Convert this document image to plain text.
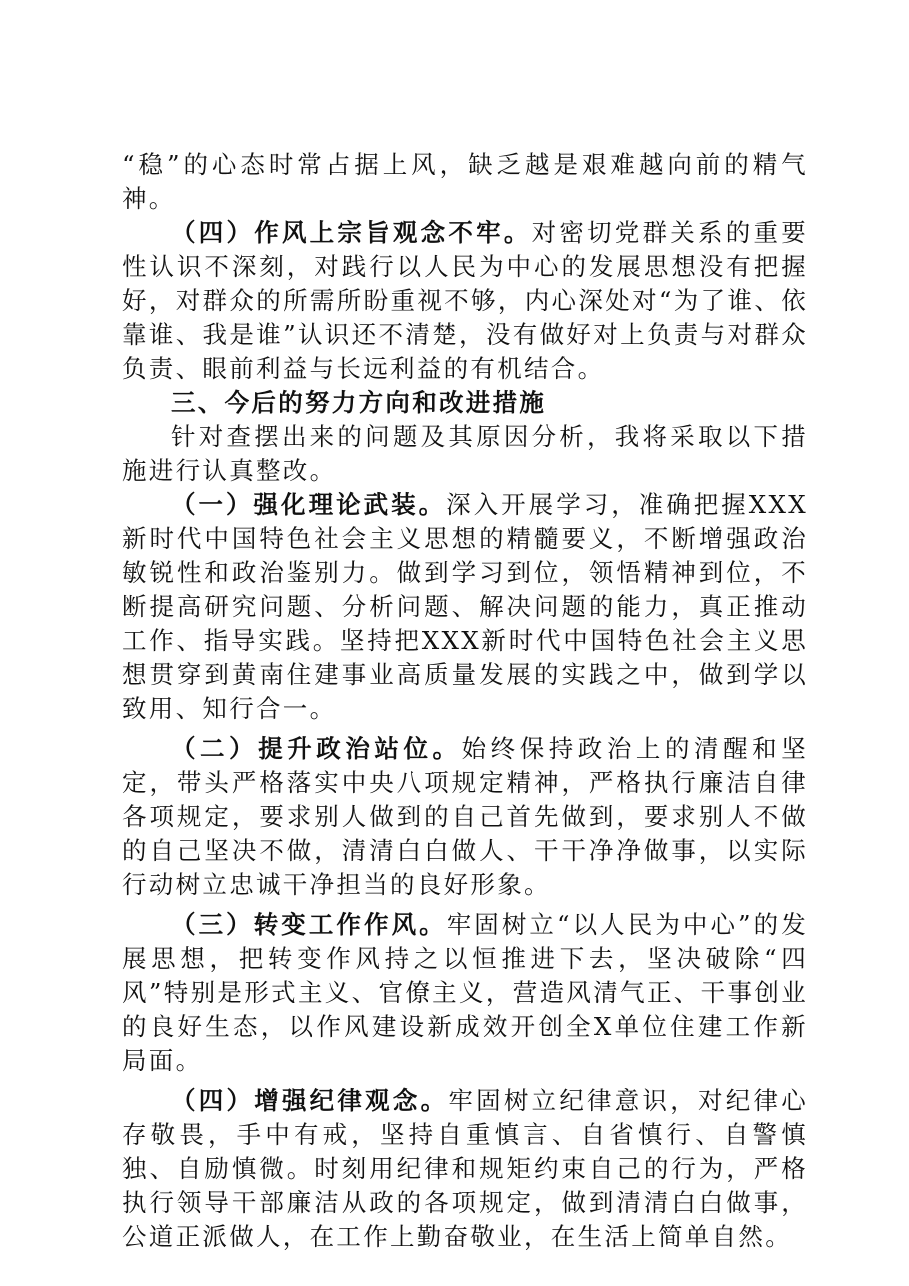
“稳”的心态时常占据上风，缺乏越是艰难越向前的精气神。

（四）作风上宗旨观念不牢。对密切党群关系的重要性认识不深刻，对践行以人民为中心的发展思想没有把握好，对群众的所需所盼重视不够，内心深处对“为了谁、依靠谁、我是谁”认识还不清楚，没有做好对上负责与对群众负责、眼前利益与长远利益的有机结合。

三、今后的努力方向和改进措施

针对查摆出来的问题及其原因分析，我将采取以下措施进行认真整改。

（一）强化理论武装。深入开展学习，准确把握XXX新时代中国特色社会主义思想的精髓要义，不断增强政治敏锐性和政治鉴别力。做到学习到位，领悟精神到位，不断提高研究问题、分析问题、解决问题的能力，真正推动工作、指导实践。坚持把XXX新时代中国特色社会主义思想贯穿到黄南住建事业高质量发展的实践之中，做到学以致用、知行合一。

（二）提升政治站位。始终保持政治上的清醒和坚定，带头严格落实中央八项规定精神，严格执行廉洁自律各项规定，要求别人做到的自己首先做到，要求别人不做的自己坚决不做，清清白白做人、干干净净做事，以实际行动树立忠诚干净担当的良好形象。

（三）转变工作作风。牢固树立“以人民为中心”的发展思想，把转变作风持之以恒推进下去，坚决破除“四风”特别是形式主义、官僚主义，营造风清气正、干事创业的良好生态，以作风建设新成效开创全X单位住建工作新局面。

（四）增强纪律观念。牢固树立纪律意识，对纪律心存敬畏，手中有戒，坚持自重慎言、自省慎行、自警慎独、自励慎微。时刻用纪律和规矩约束自己的行为，严格执行领导干部廉洁从政的各项规定，做到清清白白做事，公道正派做人，在工作上勤奋敬业，在生活上简单自然。
